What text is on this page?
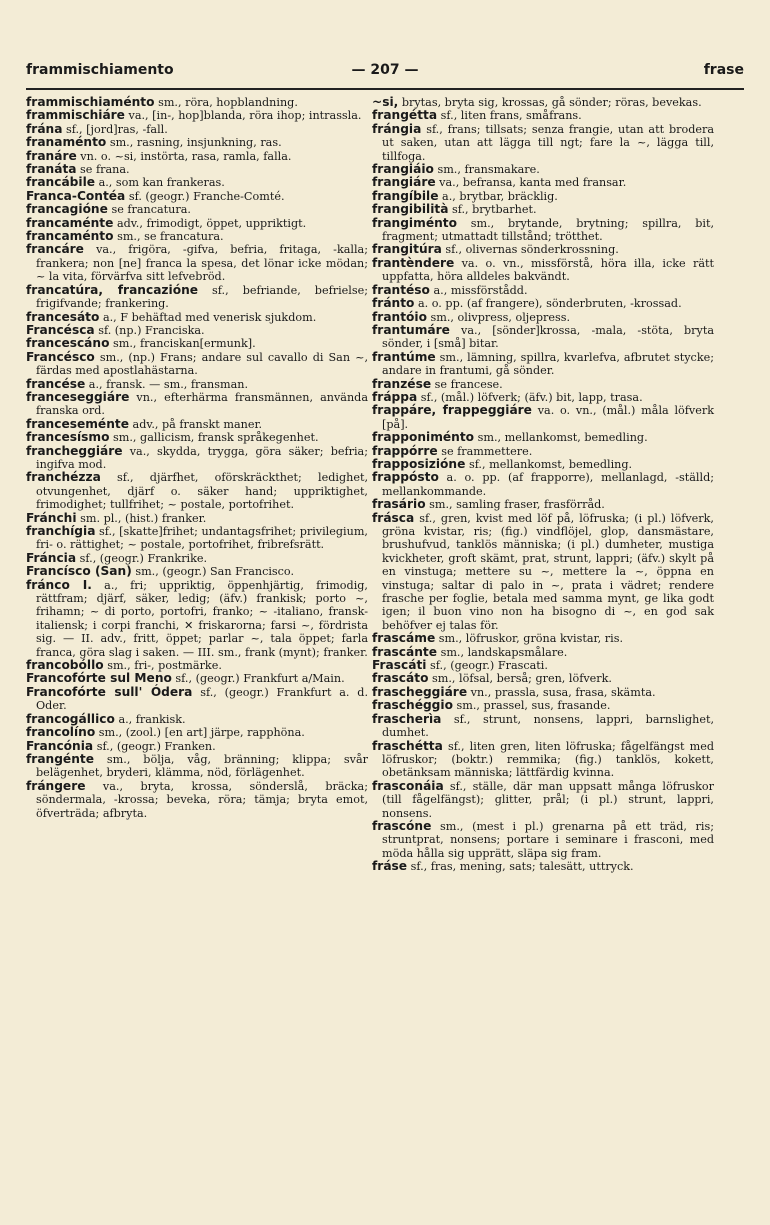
frammischiamento	— 207 —	frase
frammischiaménto sm., röra, hopblandning.
frammischiáre va., [in-, hop]blanda, röra ihop; intrassla.
frána sf., [jord]ras, -fall.
franaménto sm., rasning, insjunkning, ras.
franáre vn. o. ~si, instörta, rasa, ramla, falla.
franáta se frana.
francábile a., som kan frankeras.
Franca-Contéa sf. (geogr.) Franche-Comté.
francagióne se francatura.
francaménte adv., frimodigt, öppet, uppriktigt.
francaménto sm., se francatura.
francáre va., frigöra, -gifva, befria, fritaga, -kalla; frankera; non [ne] franca la spesa, det lönar icke mödan; ~ la vita, förvärfva sitt lefvebröd.
francatúra, francazióne sf., befriande, befrielse; frigifvande; frankering.
francesáto a., F behäftad med venerisk sjukdom.
Francésca sf. (np.) Franciska.
francescáno sm., franciskan[ermunk].
Francésco sm., (np.) Frans; andare sul cavallo di San ~, färdas med apostlahästarna.
francése a., fransk. — sm., fransman.
franceseggiáre vn., efterhärma fransmännen, använda franska ord.
franceseménte adv., på franskt maner.
francesísmo sm., gallicism, fransk språkegenhet.
francheggiáre va., skydda, trygga, göra säker; befria; ingifva mod.
franchézza sf., djärfhet, oförskräckthet; ledighet, otvungenhet, djärf o. säker hand; uppriktighet, frimodighet; tullfrihet; ~ postale, portofrihet.
Fránchi sm. pl., (hist.) franker.
franchígia sf., [skatte]frihet; undantagsfrihet; privilegium, fri- o. rättighet; ~ postale, portofrihet, fribrefsrätt.
Fráncia sf., (geogr.) Frankrike.
Francísco (San) sm., (geogr.) San Francisco.
fránco I. a., fri; uppriktig, öppenhjärtig, frimodig, rättfram; djärf, säker, ledig; (äfv.) frankisk; porto ~, frihamn; ~ di porto, portofri, franko; ~ -italiano, fransk-italiensk; i corpi franchi, ✕ friskarorna; farsi ~, fördrista sig. — II. adv., fritt, öppet; parlar ~, tala öppet; farla franca, göra slag i saken. — III. sm., frank (mynt); franker.
francobóllo sm., fri-, postmärke.
Francofórte sul Meno sf., (geogr.) Frankfurt a/Main.
Francofórte sull' Ódera sf., (geogr.) Frankfurt a. d. Oder.
francogállico a., frankisk.
francolíno sm., (zool.) [en art] järpe, rapphöna.
Francónia sf., (geogr.) Franken.
frangénte sm., bölja, våg, bränning; klippa; svår belägenhet, bryderi, klämma, nöd, förlägenhet.
frángere va., bryta, krossa, sönderslå, bräcka; söndermala, -krossa; beveka, röra; tämja; bryta emot, öfverträda; afbryta.
~si, brytas, bryta sig, krossas, gå sönder; röras, bevekas.
frangétta sf., liten frans, småfrans.
frángia sf., frans; tillsats; senza frangie, utan att brodera ut saken, utan att lägga till ngt; fare la ~, lägga till, tillfoga.
frangiáio sm., fransmakare.
frangiáre va., befransa, kanta med fransar.
frangíbile a., brytbar, bräcklig.
frangibilità sf., brytbarhet.
frangiménto sm., brytande, brytning; spillra, bit, fragment; utmattadt tillstånd; trötthet.
frangitúra sf., olivernas sönderkrossning.
frantèndere va. o. vn., missförstå, höra illa, icke rätt uppfatta, höra alldeles bakvändt.
frantéso a., missförstådd.
fránto a. o. pp. (af frangere), sönderbruten, -krossad.
frantóio sm., olivpress, oljepress.
frantumáre va., [sönder]krossa, -mala, -stöta, bryta sönder, i [små] bitar.
frantúme sm., lämning, spillra, kvarlefva, afbrutet stycke; andare in frantumi, gå sönder.
franzése se francese.
fráppa sf., (mål.) löfverk; (äfv.) bit, lapp, trasa.
frappáre, frappeggiáre va. o. vn., (mål.) måla löfverk [på].
frapponiménto sm., mellankomst, bemedling.
frappórre se frammettere.
frapposizióne sf., mellankomst, bemedling.
frappósto a. o. pp. (af frapporre), mellanlagd, -ställd; mellankommande.
frasário sm., samling fraser, frasförråd.
frásca sf., gren, kvist med löf på, löfruska; (i pl.) löfverk, gröna kvistar, ris; (fig.) vindflöjel, glop, dansmästare, brushufvud, tanklös människa; (i pl.) dumheter, mustiga kvickheter, groft skämt, prat, strunt, lappri; (äfv.) skylt på en vinstuga; mettere su ~, mettere la ~, öppna en vinstuga; saltar di palo in ~, prata i vädret; rendere frasche per foglie, betala med samma mynt, ge lika godt igen; il buon vino non ha bisogno di ~, en god sak behöfver ej talas för.
frascáme sm., löfruskor, gröna kvistar, ris.
frascánte sm., landskapsmålare.
Frascáti sf., (geogr.) Frascati.
frascáto sm., löfsal, berså; gren, löfverk.
frascheggiáre vn., prassla, susa, frasa, skämta.
fraschéggio sm., prassel, sus, frasande.
frascherìa sf., strunt, nonsens, lappri, barnslighet, dumhet.
fraschétta sf., liten gren, liten löfruska; fågelfängst med löfruskor; (boktr.) remmika; (fig.) tanklös, kokett, obetänksam människa; lättfärdig kvinna.
frasconáia sf., ställe, där man uppsatt många löfruskor (till fågelfängst); glitter, prål; (i pl.) strunt, lappri, nonsens.
frascóne sm., (mest i pl.) grenarna på ett träd, ris; struntprat, nonsens; portare i seminare i frasconi, med möda hålla sig upprätt, släpa sig fram.
fráse sf., fras, mening, sats; talesätt, uttryck.
